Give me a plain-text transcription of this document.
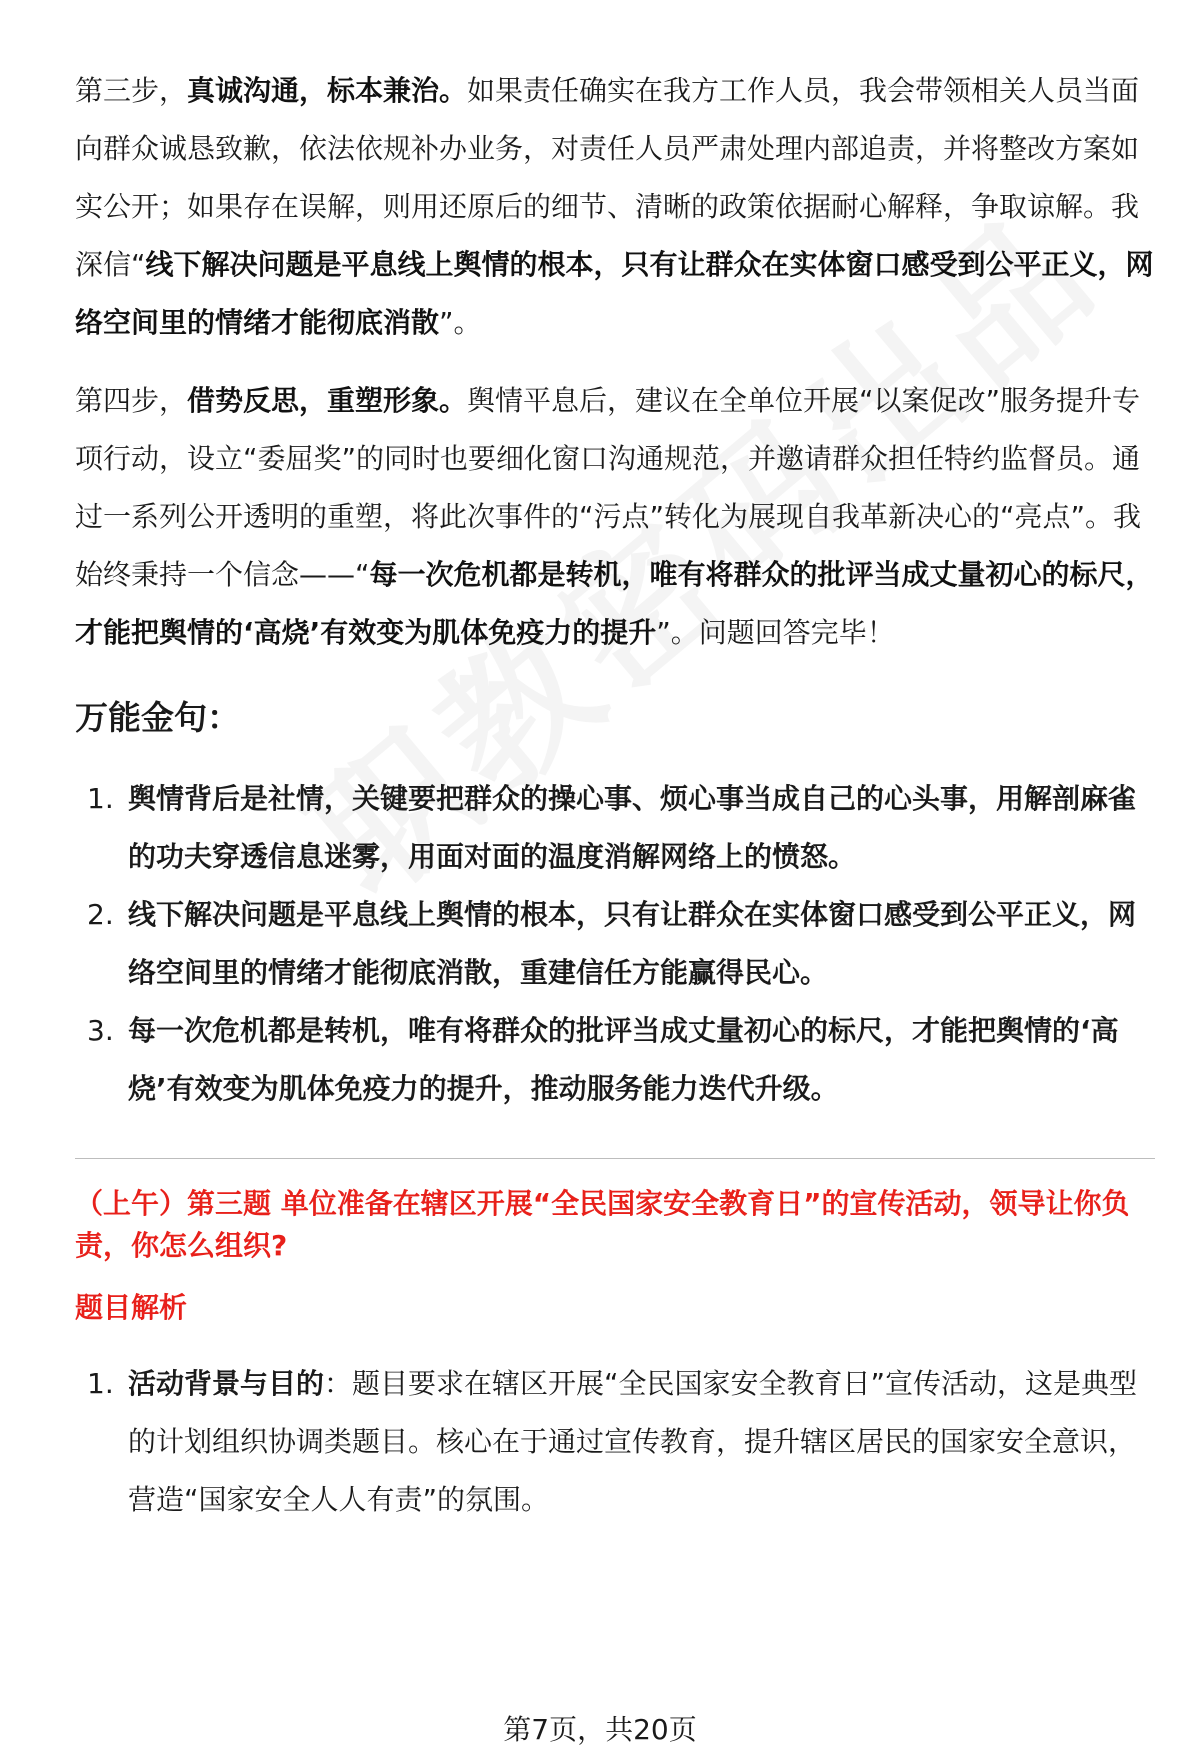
第三步，真诚沟通，标本兼治。如果责任确实在我方工作人员，我会带领相关人员当面向群众诚恳致歉，依法依规补办业务，对责任人员严肃处理内部追责，并将整改方案如实公开；如果存在误解，则用还原后的细节、清晰的政策依据耐心解释，争取谅解。我深信“线下解决问题是平息线上舆情的根本，只有让群众在实体窗口感受到公平正义，网络空间里的情绪才能彻底消散”。

第四步，借势反思，重塑形象。舆情平息后，建议在全单位开展“以案促改”服务提升专项行动，设立“委屈奖”的同时也要细化窗口沟通规范，并邀请群众担任特约监督员。通过一系列公开透明的重塑，将此次事件的“污点”转化为展现自我革新决心的“亮点”。我始终秉持一个信念——“每一次危机都是转机，唯有将群众的批评当成丈量初心的标尺，才能把舆情的‘高烧’有效变为肌体免疫力的提升”。问题回答完毕！

万能金句：
1. 舆情背后是社情，关键要把群众的操心事、烦心事当成自己的心头事，用解剖麻雀的功夫穿透信息迷雾，用面对面的温度消解网络上的愤怒。
2. 线下解决问题是平息线上舆情的根本，只有让群众在实体窗口感受到公平正义，网络空间里的情绪才能彻底消散，重建信任方能赢得民心。
3. 每一次危机都是转机，唯有将群众的批评当成丈量初心的标尺，才能把舆情的‘高烧’有效变为肌体免疫力的提升，推动服务能力迭代升级。
（上午）第三题 单位准备在辖区开展“全民国家安全教育日”的宣传活动，领导让你负责，你怎么组织?
题目解析
1. 活动背景与目的：题目要求在辖区开展“全民国家安全教育日”宣传活动，这是典型的计划组织协调类题目。核心在于通过宣传教育，提升辖区居民的国家安全意识，营造“国家安全人人有责”的氛围。
第7页，共20页
